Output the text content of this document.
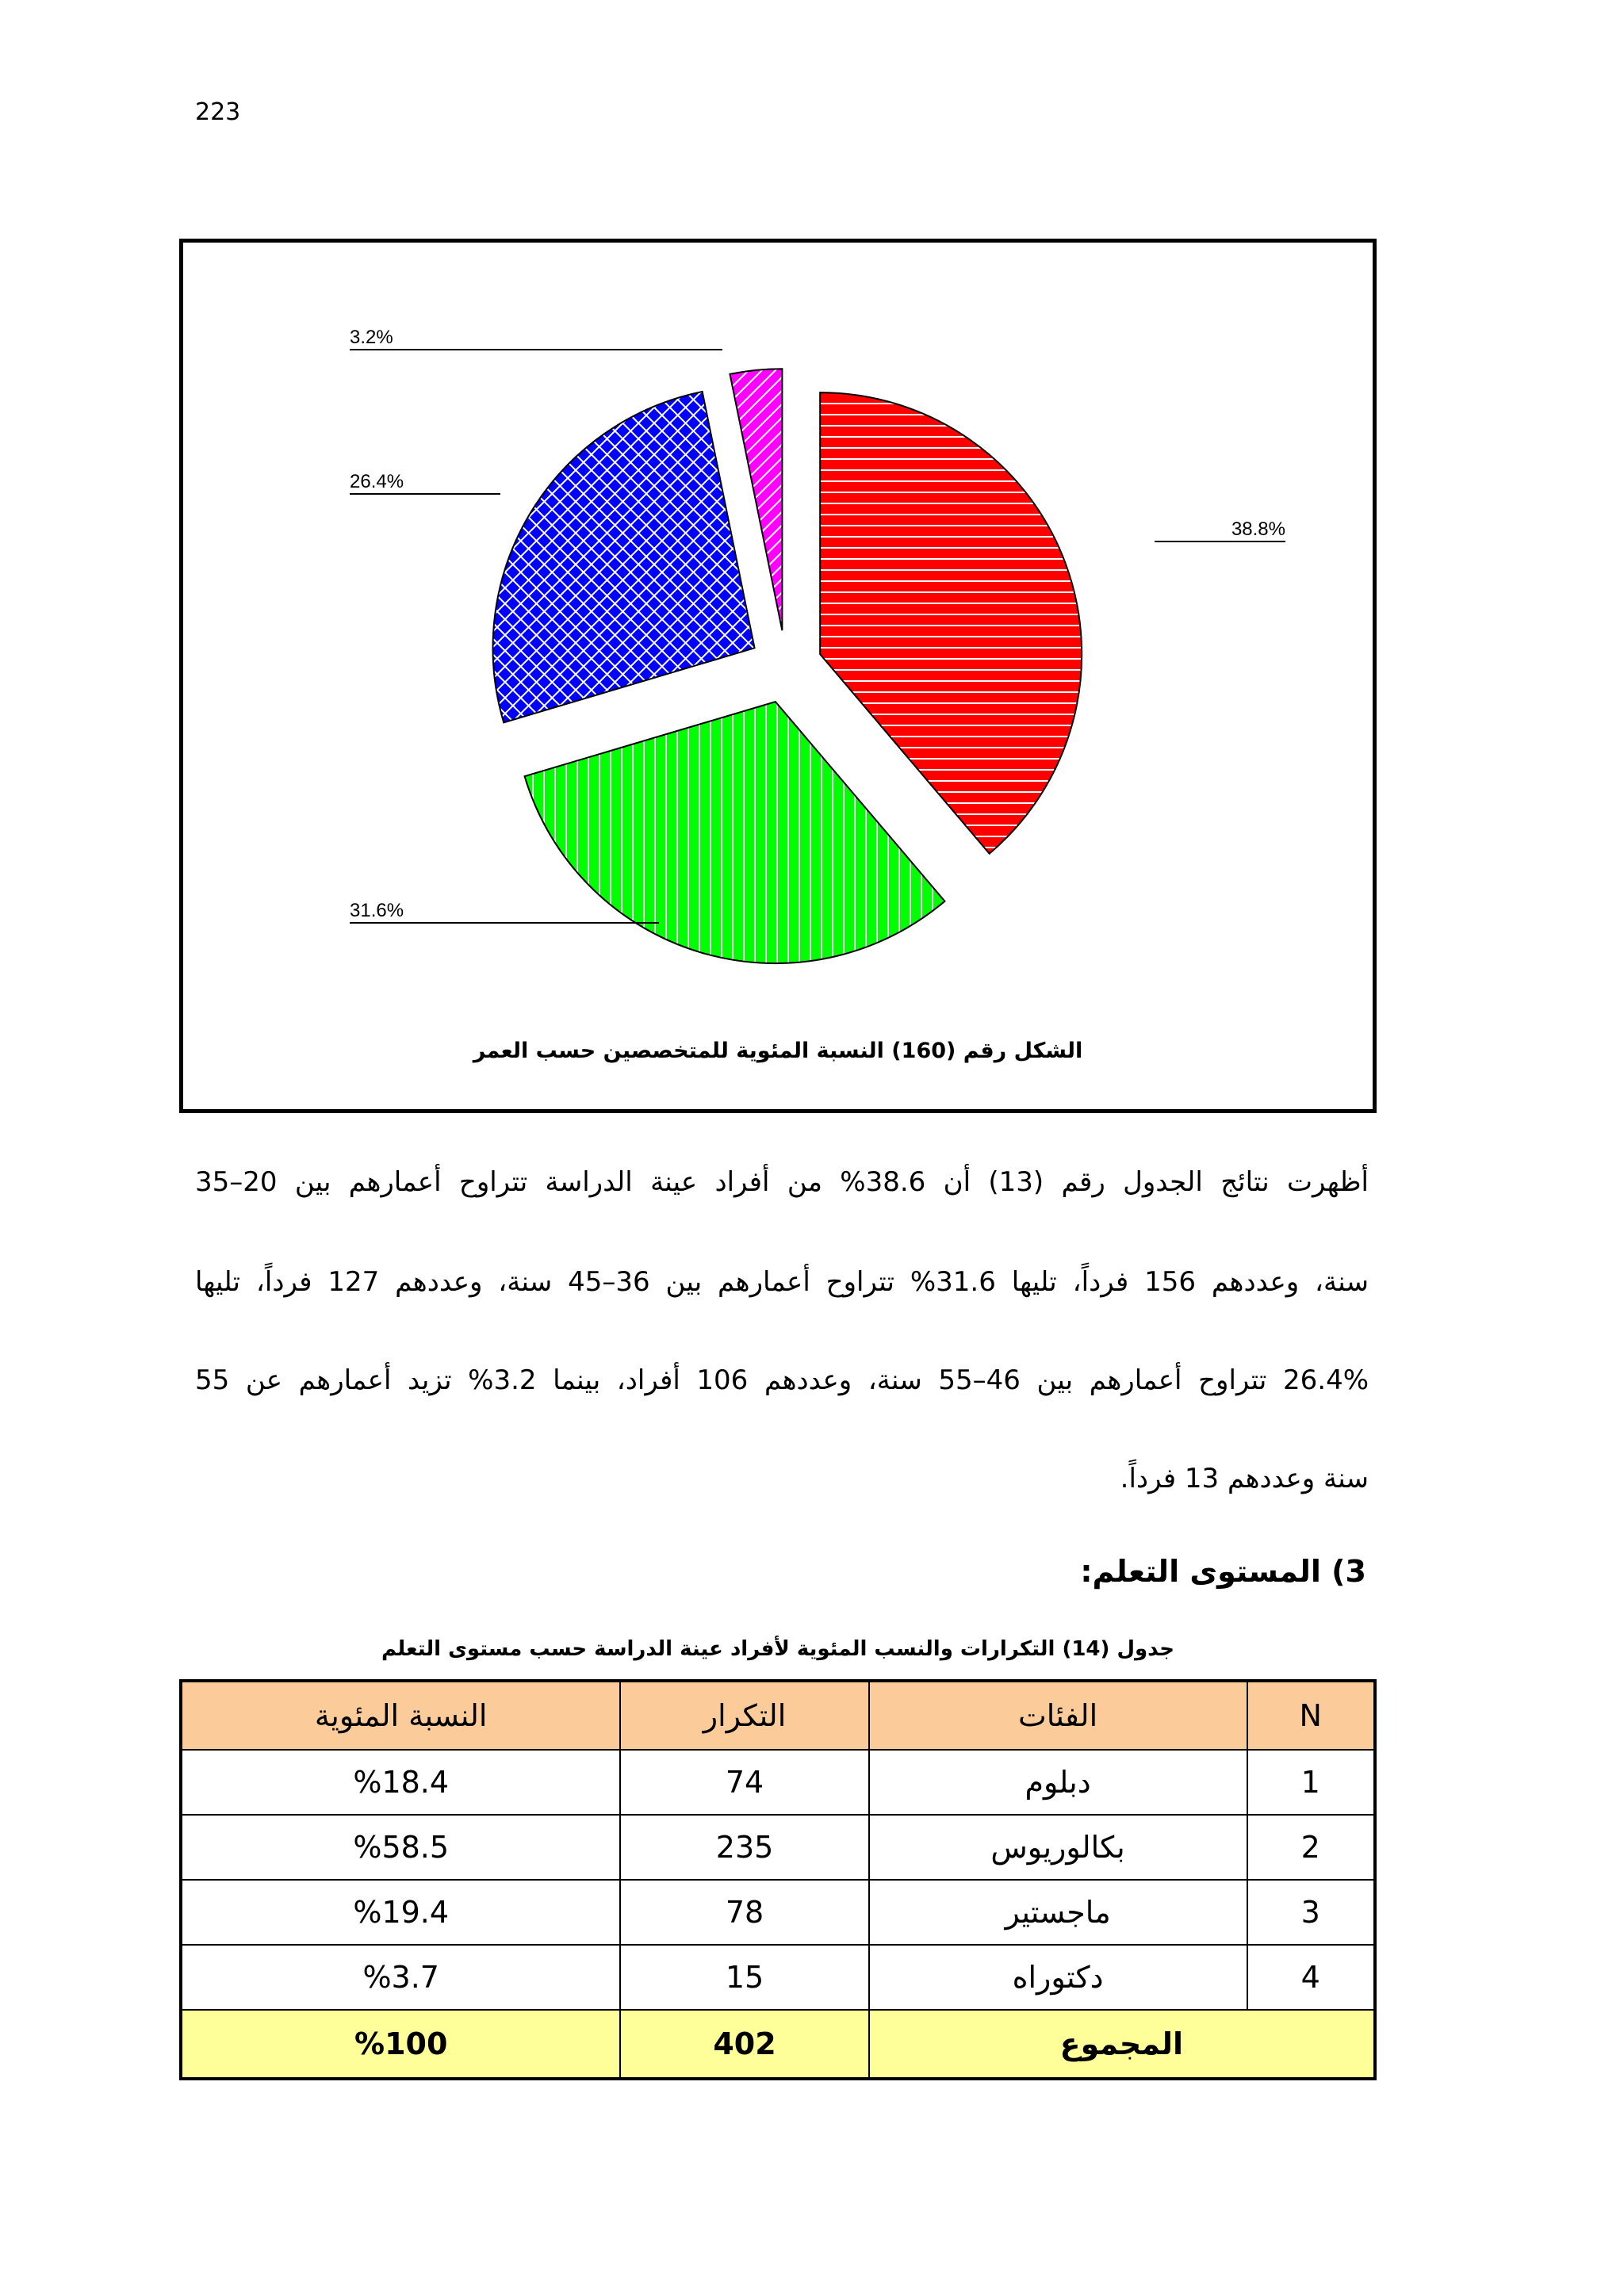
223
38.8%
31.6%
26.4%
3.2%
الشكل رقم (160) النسبة المئوية للمتخصصين حسب العمر
أظهرت نتائج الجدول رقم (13) أن 38.6% من أفراد عينة الدراسة تتراوح أعمارهم بين 20–35
سنة، وعددهم 156 فرداً، تليها 31.6% تتراوح أعمارهم بين 36–45 سنة، وعددهم 127 فرداً، تليها
26.4% تتراوح أعمارهم بين 46–55 سنة، وعددهم 106 أفراد، بينما 3.2% تزيد أعمارهم عن 55
سنة وعددهم 13 فرداً.
3) المستوى التعلم:
جدول (14) التكرارات والنسب المئوية لأفراد عينة الدراسة حسب مستوى التعلم
N	الفئات	التكرار	النسبة المئوية
1	دبلوم	74	%18.4
2	بكالوريوس	235	%58.5
3	ماجستير	78	%19.4
4	دكتوراه	15	%3.7
المجموع		402	%100
